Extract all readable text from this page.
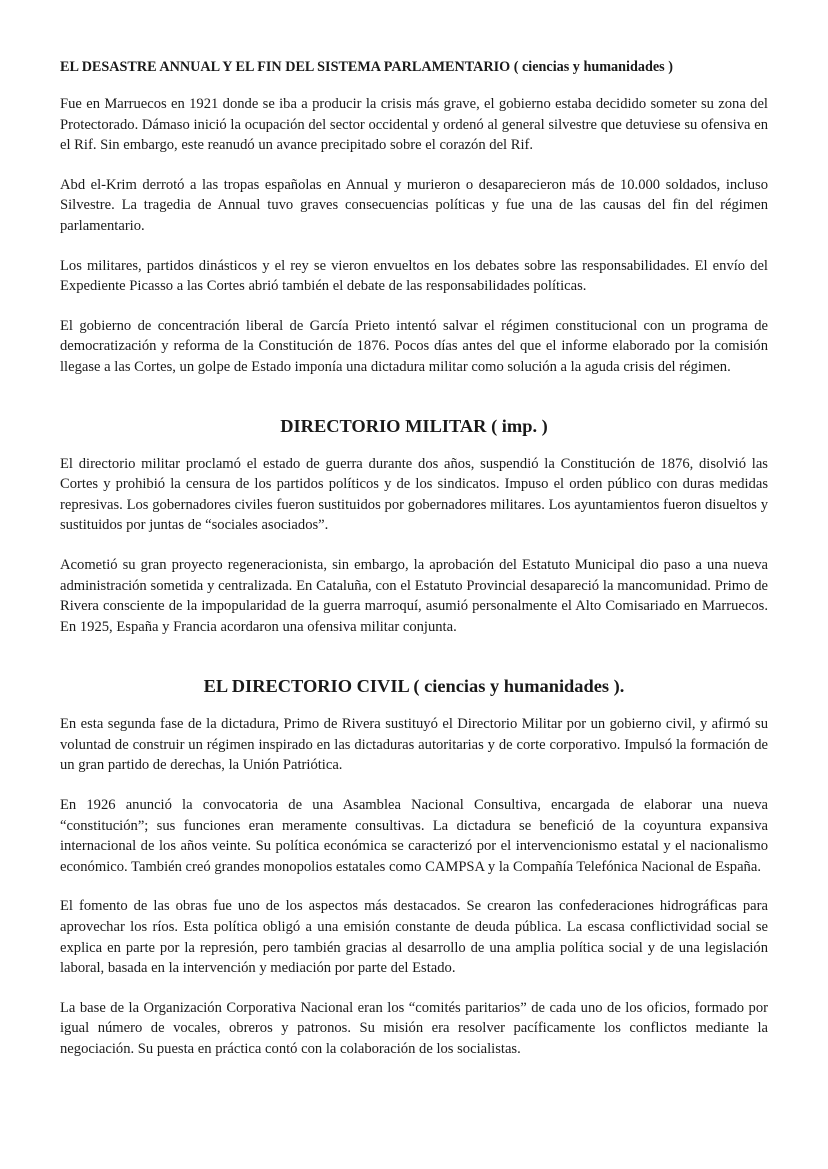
EL DESASTRE ANNUAL Y EL FIN DEL SISTEMA PARLAMENTARIO ( ciencias y humanidades )

Fue en Marruecos en 1921 donde se iba a producir la crisis más grave, el gobierno estaba decidido someter su zona del Protectorado. Dámaso inició la ocupación del sector occidental y ordenó al general silvestre que detuviese su ofensiva en el Rif. Sin embargo, este reanudó un avance precipitado sobre el corazón del Rif.

Abd el-Krim derrotó a las tropas españolas en Annual y murieron o desaparecieron más de 10.000 soldados, incluso Silvestre. La tragedia de Annual tuvo graves consecuencias políticas y fue una de las causas del fin del régimen parlamentario.

Los militares, partidos dinásticos y el rey se vieron envueltos en los debates sobre las responsabilidades. El envío del Expediente Picasso a las Cortes abrió también el debate de las responsabilidades políticas.

El gobierno de concentración liberal de García Prieto intentó salvar el régimen constitucional con un programa de democratización y reforma de la Constitución de 1876. Pocos días antes del que el informe elaborado por la comisión llegase a las Cortes, un golpe de Estado imponía una dictadura militar como solución a la aguda crisis del régimen.

DIRECTORIO MILITAR ( imp. )

El directorio militar proclamó el estado de guerra durante dos años, suspendió la Constitución de 1876, disolvió las Cortes y prohibió la censura de los partidos políticos y de los sindicatos. Impuso el orden público con duras medidas represivas. Los gobernadores civiles fueron sustituidos por gobernadores militares. Los ayuntamientos fueron disueltos y sustituidos por juntas de “sociales asociados”.

Acometió su gran proyecto regeneracionista, sin embargo, la aprobación del Estatuto Municipal dio paso a una nueva administración sometida y centralizada. En Cataluña, con el Estatuto Provincial desapareció la mancomunidad. Primo de Rivera consciente de la impopularidad de la guerra marroquí, asumió personalmente el Alto Comisariado en Marruecos. En 1925, España y Francia acordaron una ofensiva militar conjunta.

EL DIRECTORIO CIVIL ( ciencias y humanidades ).

En esta segunda fase de la dictadura, Primo de Rivera sustituyó el Directorio Militar por un gobierno civil, y afirmó su voluntad de construir un régimen inspirado en las dictaduras autoritarias y de corte corporativo. Impulsó la formación de un gran partido de derechas, la Unión Patriótica.

En 1926 anunció la convocatoria de una Asamblea Nacional Consultiva, encargada de elaborar una nueva “constitución”; sus funciones eran meramente consultivas. La dictadura se benefició de la coyuntura expansiva internacional de los años veinte. Su política económica se caracterizó por el intervencionismo estatal y el nacionalismo económico. También creó grandes monopolios estatales como CAMPSA y la Compañía Telefónica Nacional de España.

El fomento de las obras fue uno de los aspectos más destacados. Se crearon las confederaciones hidrográficas para aprovechar los ríos. Esta política obligó a una emisión constante de deuda pública. La escasa conflictividad social se explica en parte por la represión, pero también gracias al desarrollo de una amplia política social y de una legislación laboral, basada en la intervención y mediación por parte del Estado.

La base de la Organización Corporativa Nacional eran los “comités paritarios” de cada uno de los oficios, formado por igual número de vocales, obreros y patronos. Su misión era resolver pacíficamente los conflictos mediante la negociación. Su puesta en práctica contó con la colaboración de los socialistas.
